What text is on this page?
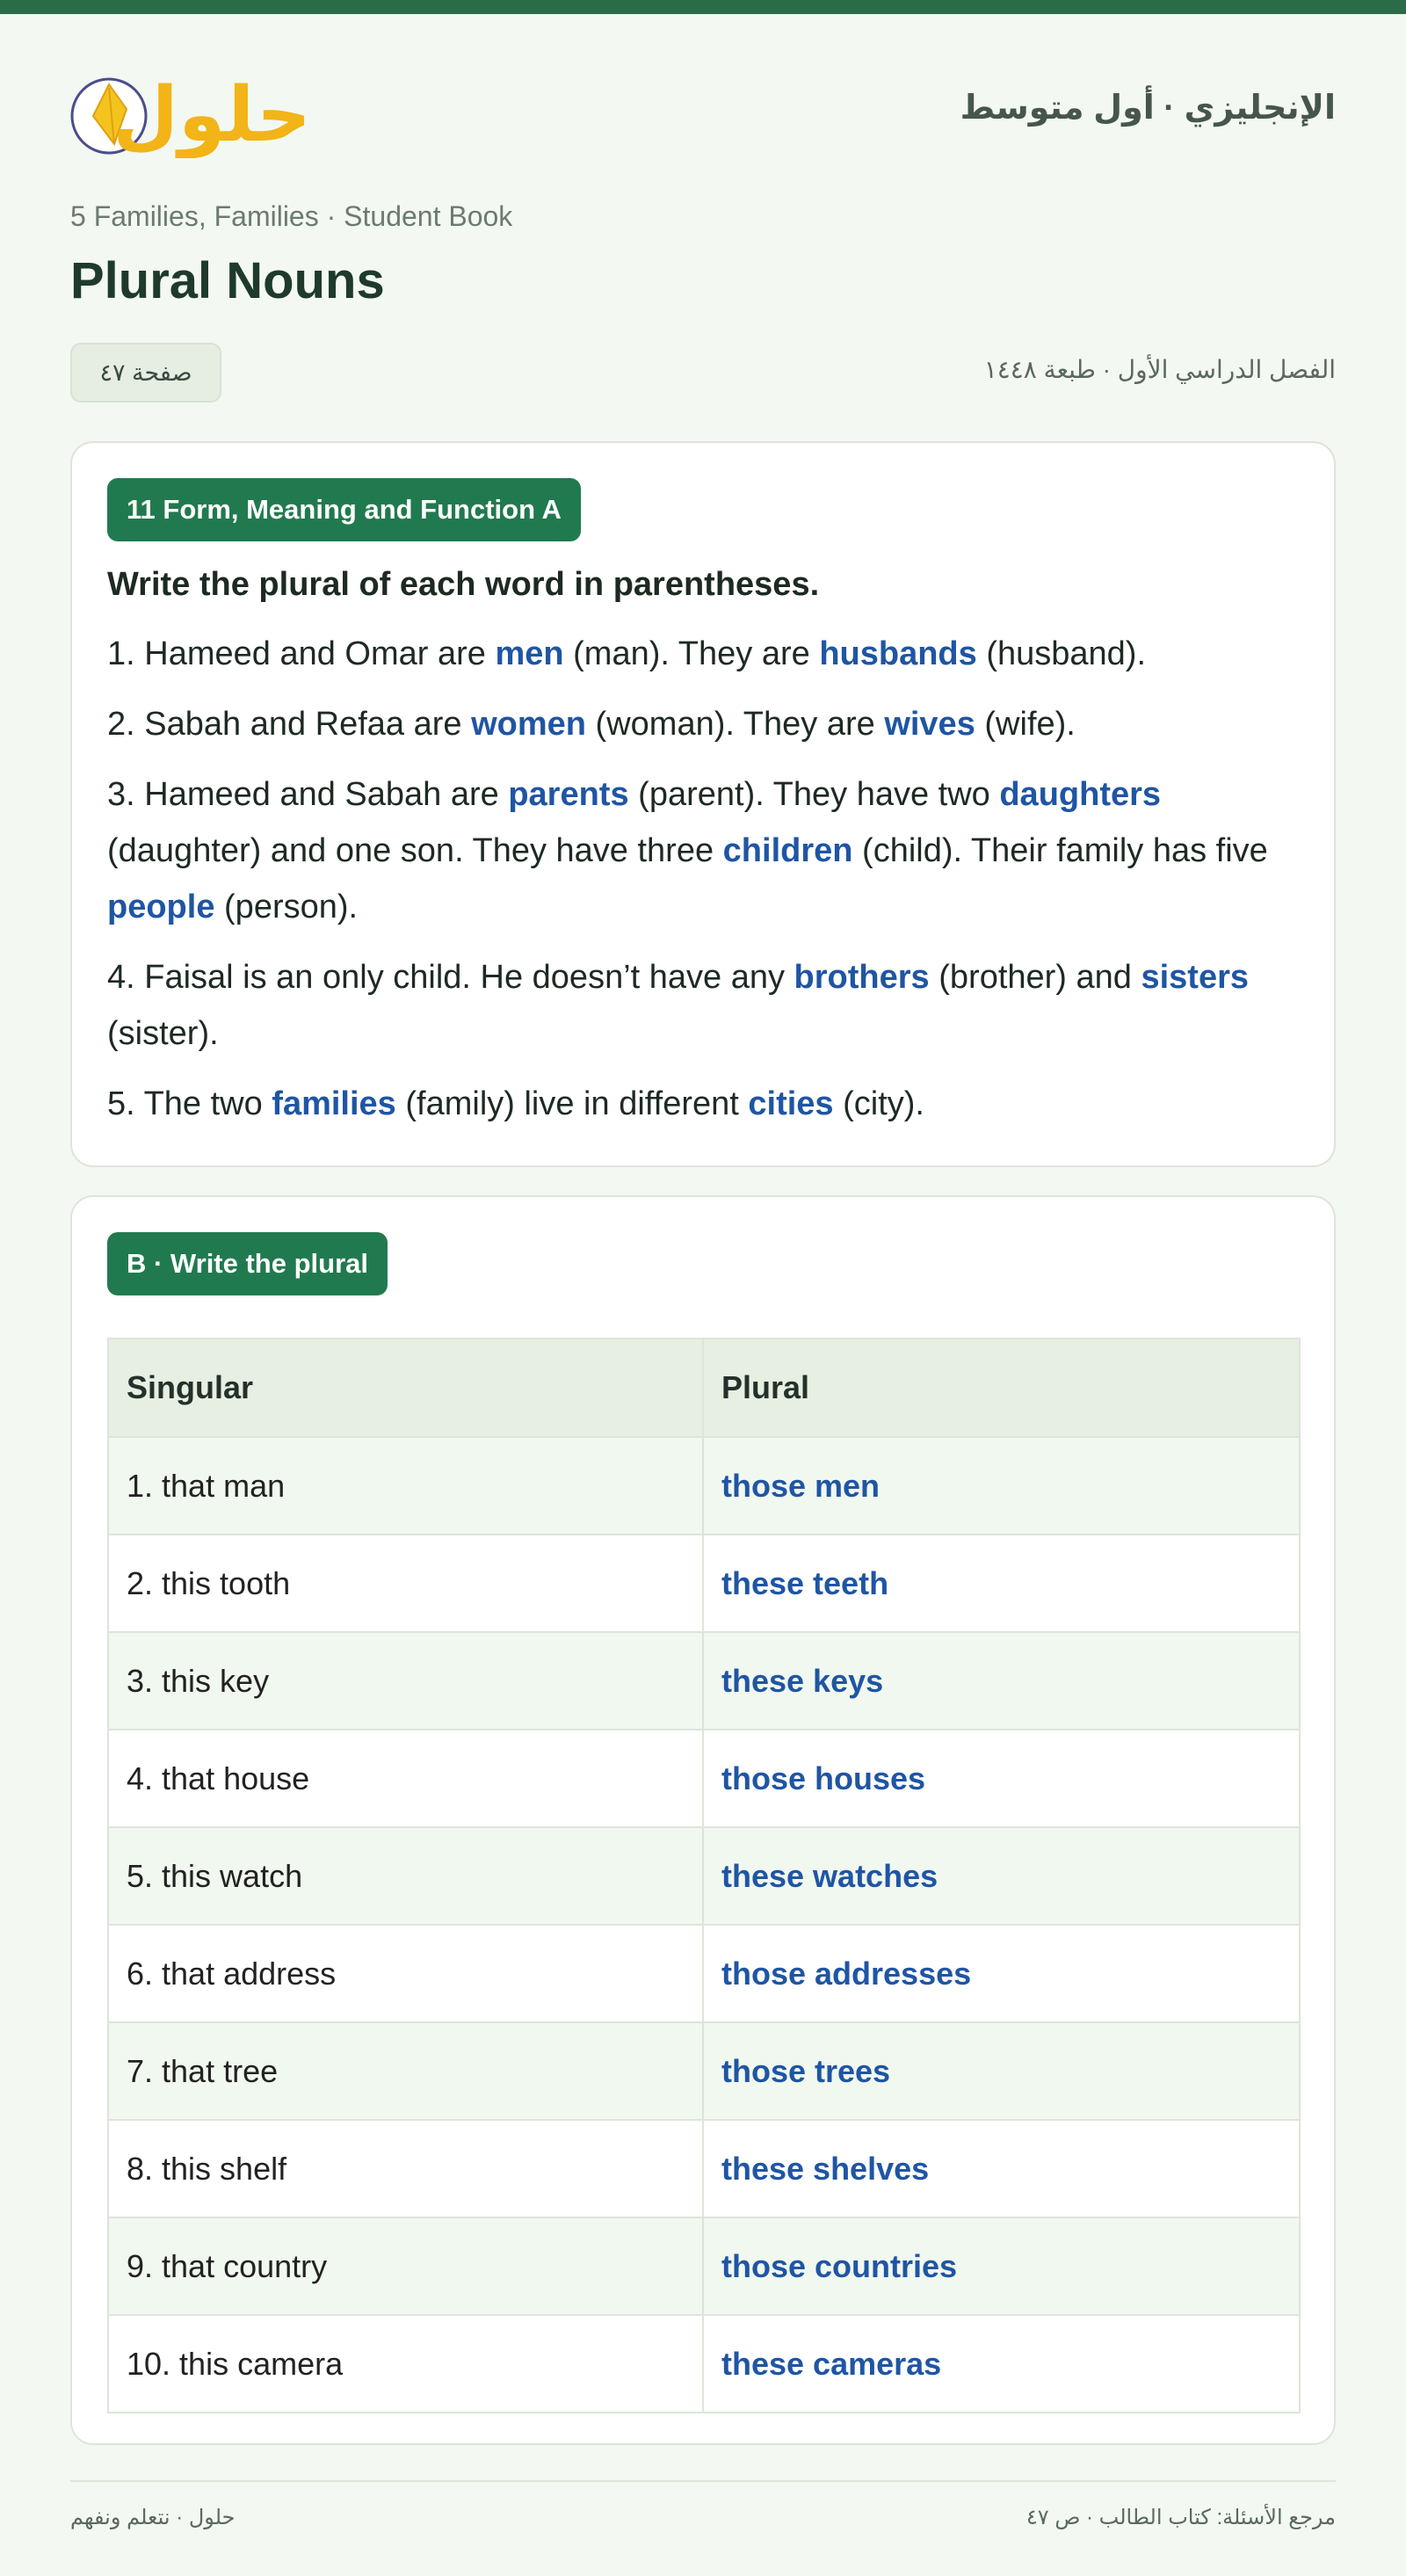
حلول	الإنجليزي · أول متوسط
5 Families, Families · Student Book
Plural Nouns
صفحة ٤٧	الفصل الدراسي الأول · طبعة ١٤٤٨
11 Form, Meaning and Function A
Write the plural of each word in parentheses.
1. Hameed and Omar are men (man). They are husbands (husband).
2. Sabah and Refaa are women (woman). They are wives (wife).
3. Hameed and Sabah are parents (parent). They have two daughters (daughter) and one son. They have three children (child). Their family has five people (person).
4. Faisal is an only child. He doesn’t have any brothers (brother) and sisters (sister).
5. The two families (family) live in different cities (city).
B · Write the plural
Singular	Plural
1. that man	those men
2. this tooth	these teeth
3. this key	these keys
4. that house	those houses
5. this watch	these watches
6. that address	those addresses
7. that tree	those trees
8. this shelf	these shelves
9. that country	those countries
10. this camera	these cameras
حلول · نتعلم ونفهم	مرجع الأسئلة: كتاب الطالب · ص ٤٧
